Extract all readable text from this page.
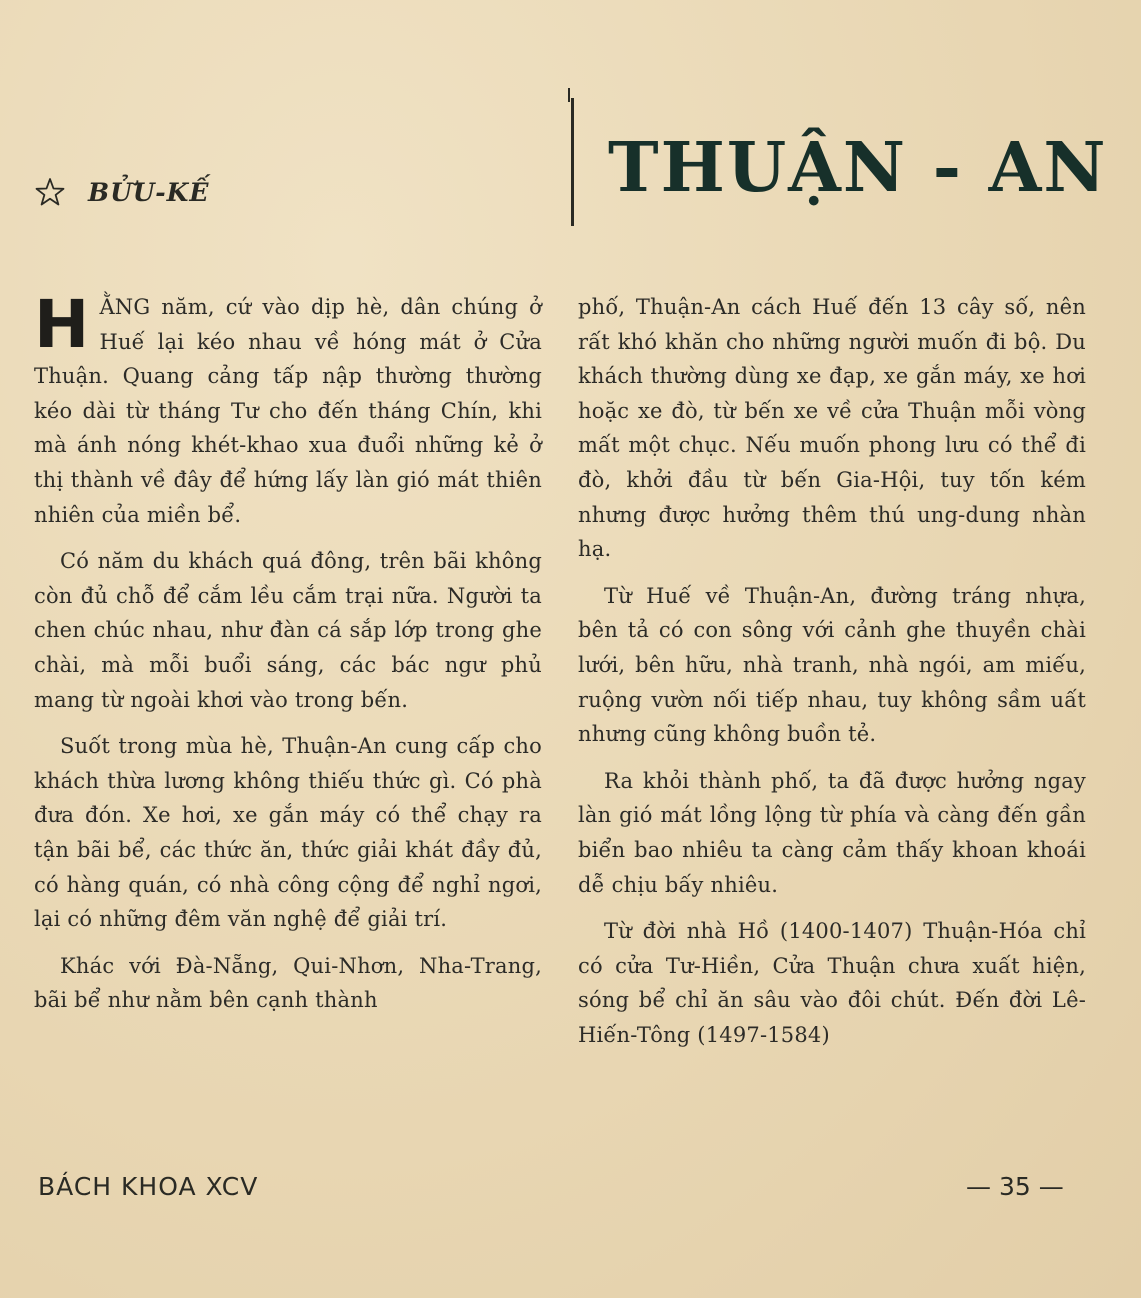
BỬU-KẾ	THUẬN - AN

HẰNG năm, cứ vào dịp hè, dân chúng ở Huế lại kéo nhau về hóng mát ở Cửa Thuận. Quang cảng tấp nập thường thường kéo dài từ tháng Tư cho đến tháng Chín, khi mà ánh nóng khét-khao xua đuổi những kẻ ở thị thành về đây để hứng lấy làn gió mát thiên nhiên của miền bể.

Có năm du khách quá đông, trên bãi không còn đủ chỗ để cắm lều cắm trại nữa. Người ta chen chúc nhau, như đàn cá sắp lớp trong ghe chài, mà mỗi buổi sáng, các bác ngư phủ mang từ ngoài khơi vào trong bến.

Suốt trong mùa hè, Thuận-An cung cấp cho khách thừa lương không thiếu thức gì. Có phà đưa đón. Xe hơi, xe gắn máy có thể chạy ra tận bãi bể, các thức ăn, thức giải khát đầy đủ, có hàng quán, có nhà công cộng để nghỉ ngơi, lại có những đêm văn nghệ để giải trí.

Khác với Đà-Nẵng, Qui-Nhơn, Nha-Trang, bãi bể như nằm bên cạnh thành

phố, Thuận-An cách Huế đến 13 cây số, nên rất khó khăn cho những người muốn đi bộ. Du khách thường dùng xe đạp, xe gắn máy, xe hơi hoặc xe đò, từ bến xe về cửa Thuận mỗi vòng mất một chục. Nếu muốn phong lưu có thể đi đò, khởi đầu từ bến Gia-Hội, tuy tốn kém nhưng được hưởng thêm thú ung-dung nhàn hạ.

Từ Huế về Thuận-An, đường tráng nhựa, bên tả có con sông với cảnh ghe thuyền chài lưới, bên hữu, nhà tranh, nhà ngói, am miếu, ruộng vườn nối tiếp nhau, tuy không sầm uất nhưng cũng không buồn tẻ.

Ra khỏi thành phố, ta đã được hưởng ngay làn gió mát lồng lộng từ phía và càng đến gần biển bao nhiêu ta càng cảm thấy khoan khoái dễ chịu bấy nhiêu.

Từ đời nhà Hồ (1400-1407) Thuận-Hóa chỉ có cửa Tư-Hiền, Cửa Thuận chưa xuất hiện, sóng bể chỉ ăn sâu vào đôi chút. Đến đời Lê-Hiến-Tông (1497-1584)

BÁCH KHOA XCV	— 35 —
